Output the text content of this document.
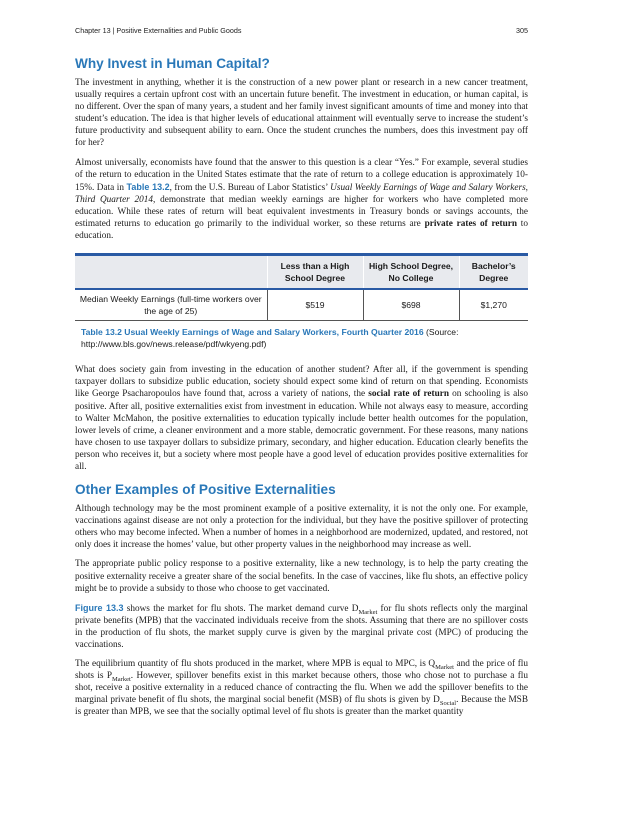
Chapter 13 | Positive Externalities and Public Goods	305
Why Invest in Human Capital?

The investment in anything, whether it is the construction of a new power plant or research in a new cancer treatment, usually requires a certain upfront cost with an uncertain future benefit. The investment in education, or human capital, is no different. Over the span of many years, a student and her family invest significant amounts of time and money into that student’s education. The idea is that higher levels of educational attainment will eventually serve to increase the student’s future productivity and subsequent ability to earn. Once the student crunches the numbers, does this investment pay off for her?

Almost universally, economists have found that the answer to this question is a clear “Yes.” For example, several studies of the return to education in the United States estimate that the rate of return to a college education is approximately 10-15%. Data in Table 13.2, from the U.S. Bureau of Labor Statistics’ Usual Weekly Earnings of Wage and Salary Workers, Third Quarter 2014, demonstrate that median weekly earnings are higher for workers who have completed more education. While these rates of return will beat equivalent investments in Treasury bonds or savings accounts, the estimated returns to education go primarily to the individual worker, so these returns are private rates of return to education.

	Less than a High School Degree	High School Degree, No College	Bachelor’s Degree
Median Weekly Earnings (full-time workers over the age of 25)	$519	$698	$1,270
Table 13.2 Usual Weekly Earnings of Wage and Salary Workers, Fourth Quarter 2016 (Source: http://www.bls.gov/news.release/pdf/wkyeng.pdf)

What does society gain from investing in the education of another student? After all, if the government is spending taxpayer dollars to subsidize public education, society should expect some kind of return on that spending. Economists like George Psacharopoulos have found that, across a variety of nations, the social rate of return on schooling is also positive. After all, positive externalities exist from investment in education. While not always easy to measure, according to Walter McMahon, the positive externalities to education typically include better health outcomes for the population, lower levels of crime, a cleaner environment and a more stable, democratic government. For these reasons, many nations have chosen to use taxpayer dollars to subsidize primary, secondary, and higher education. Education clearly benefits the person who receives it, but a society where most people have a good level of education provides positive externalities for all.

Other Examples of Positive Externalities

Although technology may be the most prominent example of a positive externality, it is not the only one. For example, vaccinations against disease are not only a protection for the individual, but they have the positive spillover of protecting others who may become infected. When a number of homes in a neighborhood are modernized, updated, and restored, not only does it increase the homes’ value, but other property values in the neighborhood may increase as well.

The appropriate public policy response to a positive externality, like a new technology, is to help the party creating the positive externality receive a greater share of the social benefits. In the case of vaccines, like flu shots, an effective policy might be to provide a subsidy to those who choose to get vaccinated.

Figure 13.3 shows the market for flu shots. The market demand curve $D_{Market}$ for flu shots reflects only the marginal private benefits (MPB) that the vaccinated individuals receive from the shots. Assuming that there are no spillover costs in the production of flu shots, the market supply curve is given by the marginal private cost (MPC) of producing the vaccinations.

The equilibrium quantity of flu shots produced in the market, where MPB is equal to MPC, is $Q_{Market}$ and the price of flu shots is $P_{Market}$. However, spillover benefits exist in this market because others, those who chose not to purchase a flu shot, receive a positive externality in a reduced chance of contracting the flu. When we add the spillover benefits to the marginal private benefit of flu shots, the marginal social benefit (MSB) of flu shots is given by $D_{Social}$. Because the MSB is greater than MPB, we see that the socially optimal level of flu shots is greater than the market quantity
